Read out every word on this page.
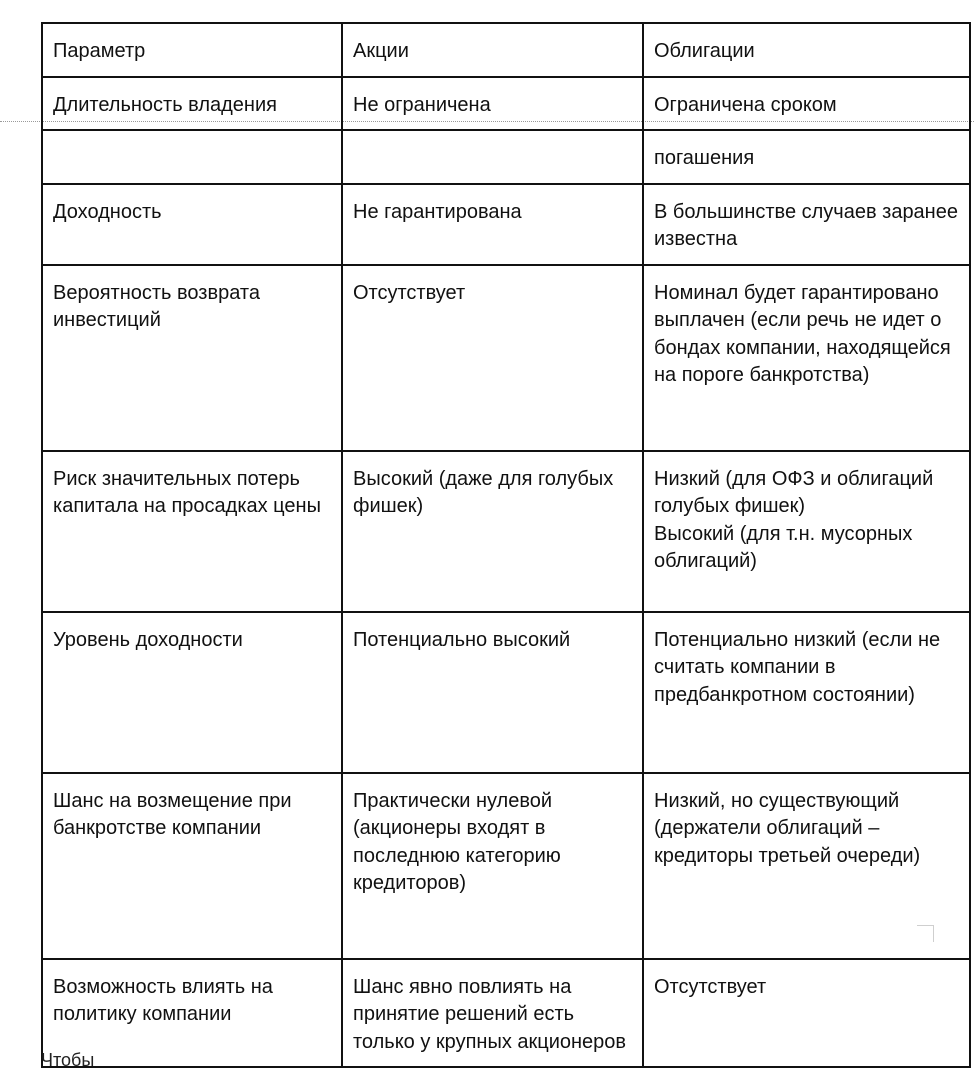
Параметр	Акции	Облигации

Длительность владения	Не ограничена	Ограничена сроком

		погашения

Доходность	Не гарантирована	В большинстве случаев заранее известна

Вероятность возврата инвестиций	Отсутствует	Номинал будет гарантировано выплачен (если речь не идет о бондах компании, находящейся на пороге банкротства)

Риск значительных потерь капитала на просадках цены	Высокий (даже для голубых фишек)	Низкий (для ОФЗ и облигаций голубых фишек)
Высокий (для т.н. мусорных облигаций)

Уровень доходности	Потенциально высокий	Потенциально низкий (если не считать компании в предбанкротном состоянии)

Шанс на возмещение при банкротстве компании	Практически нулевой (акционеры входят в последнюю категорию кредиторов)	Низкий, но существующий (держатели облигаций – кредиторы третьей очереди)

Возможность влиять на политику компании	Шанс явно повлиять на принятие решений есть только у крупных акционеров	Отсутствует
Чтобы
